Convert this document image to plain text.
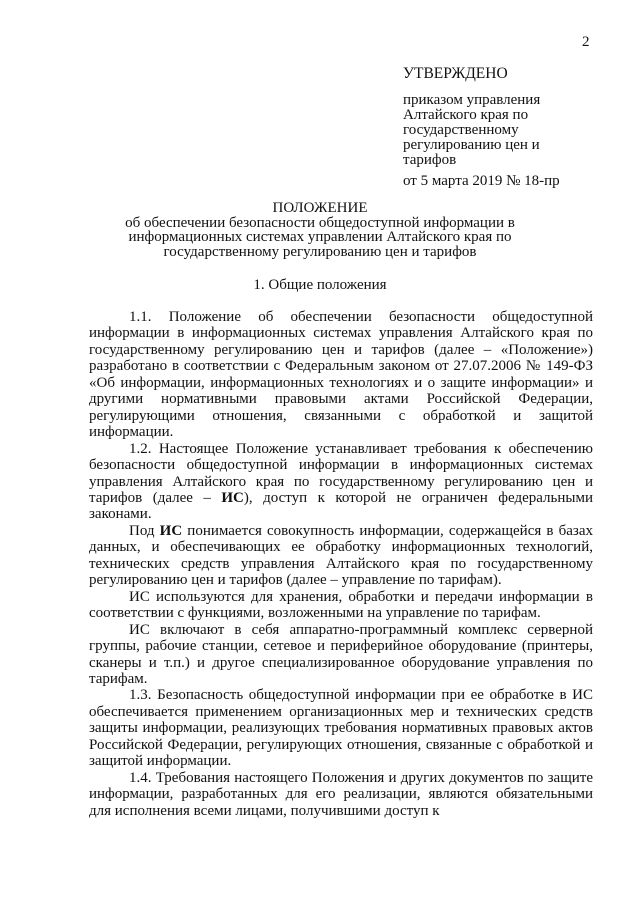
2
УТВЕРЖДЕНО
приказом управления
Алтайского края по
государственному
регулированию цен и
тарифов
от 5 марта 2019 № 18-пр
ПОЛОЖЕНИЕ
об обеспечении безопасности общедоступной информации в
информационных системах управлении Алтайского края по
государственному регулированию цен и тарифов
1. Общие положения

1.1. Положение об обеспечении безопасности общедоступной информации в информационных системах управления Алтайского края по государственному регулированию цен и тарифов (далее – «Положение») разработано в соответствии с Федеральным законом от 27.07.2006 № 149-ФЗ «Об информации, информационных технологиях и о защите информации» и другими нормативными правовыми актами Российской Федерации, регулирующими отношения, связанными с обработкой и защитой информации.

1.2. Настоящее Положение устанавливает требования к обеспечению безопасности общедоступной информации в информационных системах управления Алтайского края по государственному регулированию цен и тарифов (далее – ИС), доступ к которой не ограничен федеральными законами.

Под ИС понимается совокупность информации, содержащейся в базах данных, и обеспечивающих ее обработку информационных технологий, технических средств управления Алтайского края по государственному регулированию цен и тарифов (далее – управление по тарифам).

ИС используются для хранения, обработки и передачи информации в соответствии с функциями, возложенными на управление по тарифам.

ИС включают в себя аппаратно-программный комплекс серверной группы, рабочие станции, сетевое и периферийное оборудование (принтеры, сканеры и т.п.) и другое специализированное оборудование управления по тарифам.

1.3. Безопасность общедоступной информации при ее обработке в ИС обеспечивается применением организационных мер и технических средств защиты информации, реализующих требования нормативных правовых актов Российской Федерации, регулирующих отношения, связанные с обработкой и защитой информации.

1.4. Требования настоящего Положения и других документов по защите информации, разработанных для его реализации, являются обязательными для исполнения всеми лицами, получившими доступ к
